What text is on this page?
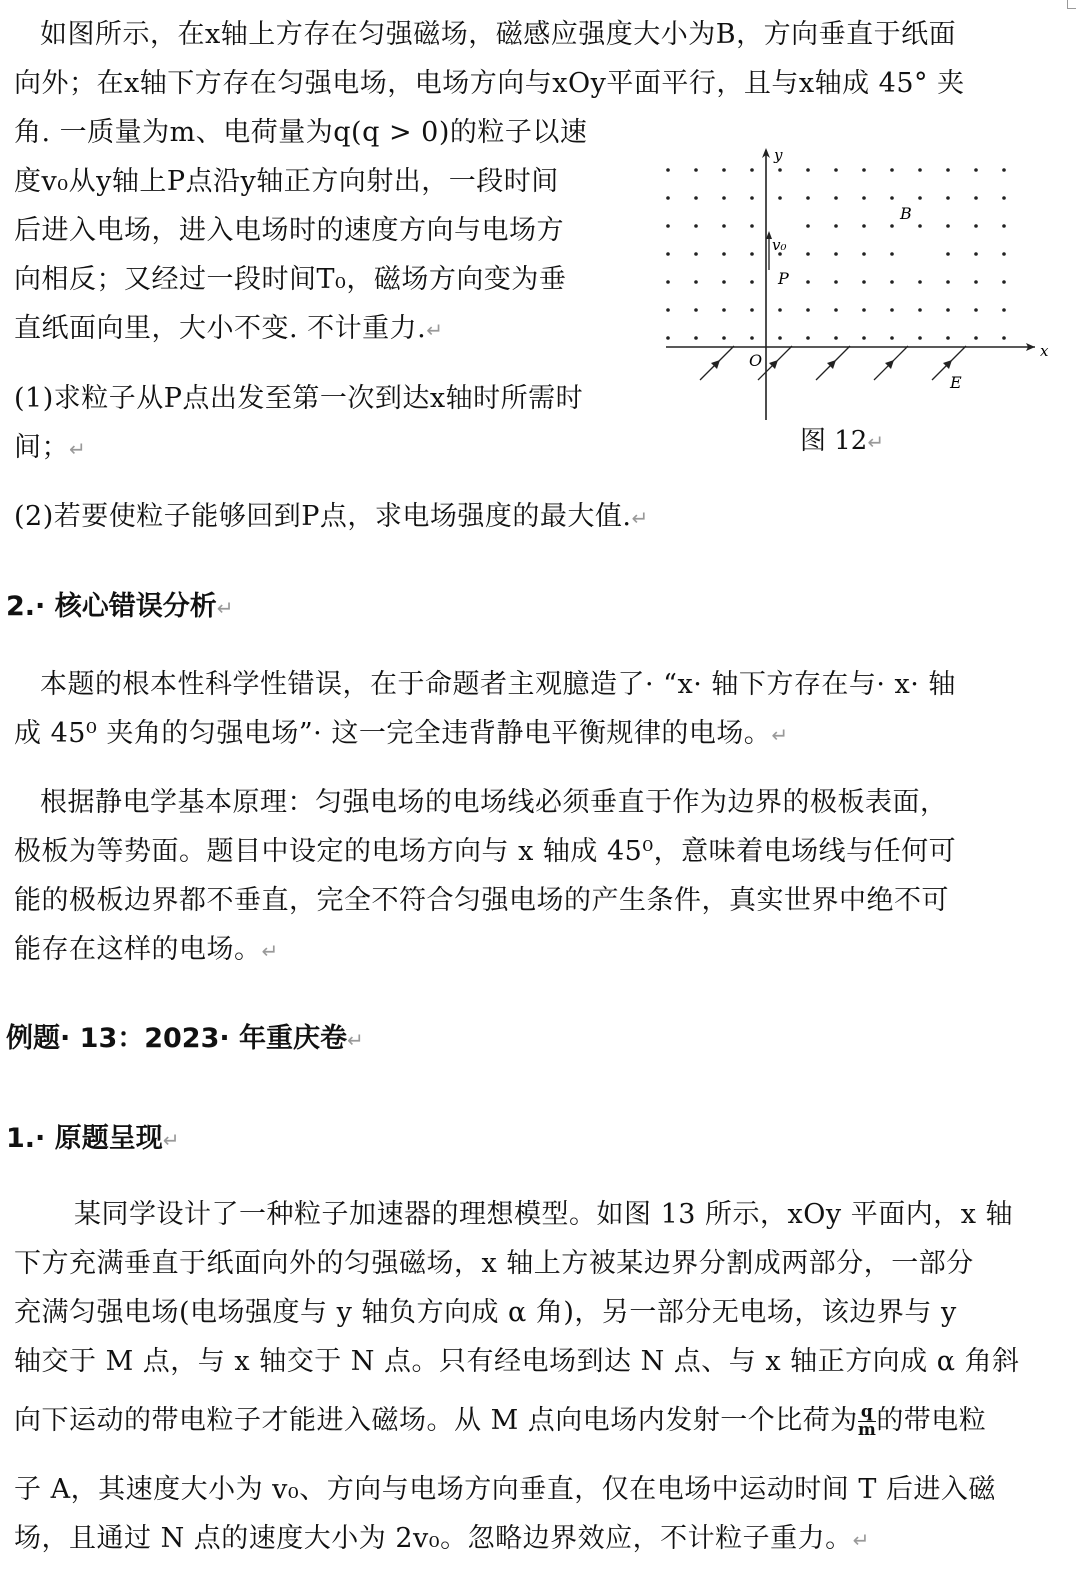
如图所示，在x轴上方存在匀强磁场，磁感应强度大小为B，方向垂直于纸面
向外；在x轴下方存在匀强电场，电场方向与xOy平面平行，且与x轴成 45° 夹
角. 一质量为m、电荷量为q(q > 0)的粒子以速
度v₀从y轴上P点沿y轴正方向射出，一段时间
后进入电场，进入电场时的速度方向与电场方
向相反；又经过一段时间T₀，磁场方向变为垂
直纸面向里，大小不变. 不计重力.↵
(1)求粒子从P点出发至第一次到达x轴时所需时
间；↵
(2)若要使粒子能够回到P点，求电场强度的最大值.↵
y
x
O
B
v₀
P
E
图 12↵
2.· 核心错误分析↵
本题的根本性科学性错误，在于命题者主观臆造了· “x· 轴下方存在与· x· 轴
成 45⁰ 夹角的匀强电场”· 这一完全违背静电平衡规律的电场。↵
根据静电学基本原理：匀强电场的电场线必须垂直于作为边界的极板表面，
极板为等势面。题目中设定的电场方向与 x 轴成 45⁰，意味着电场线与任何可
能的极板边界都不垂直，完全不符合匀强电场的产生条件，真实世界中绝不可
能存在这样的电场。↵
例题· 13：2023· 年重庆卷↵
1.· 原题呈现↵
某同学设计了一种粒子加速器的理想模型。如图 13 所示，xOy 平面内，x 轴
下方充满垂直于纸面向外的匀强磁场，x 轴上方被某边界分割成两部分，一部分
充满匀强电场(电场强度与 y 轴负方向成 α 角)，另一部分无电场，该边界与 y
轴交于 M 点，与 x 轴交于 N 点。只有经电场到达 N 点、与 x 轴正方向成 α 角斜
向下运动的带电粒子才能进入磁场。从 M 点向电场内发射一个比荷为 $\frac{q}{m}$ 的带电粒
子 A，其速度大小为 v₀、方向与电场方向垂直，仅在电场中运动时间 T 后进入磁
场，且通过 N 点的速度大小为 2v₀。忽略边界效应，不计粒子重力。↵
